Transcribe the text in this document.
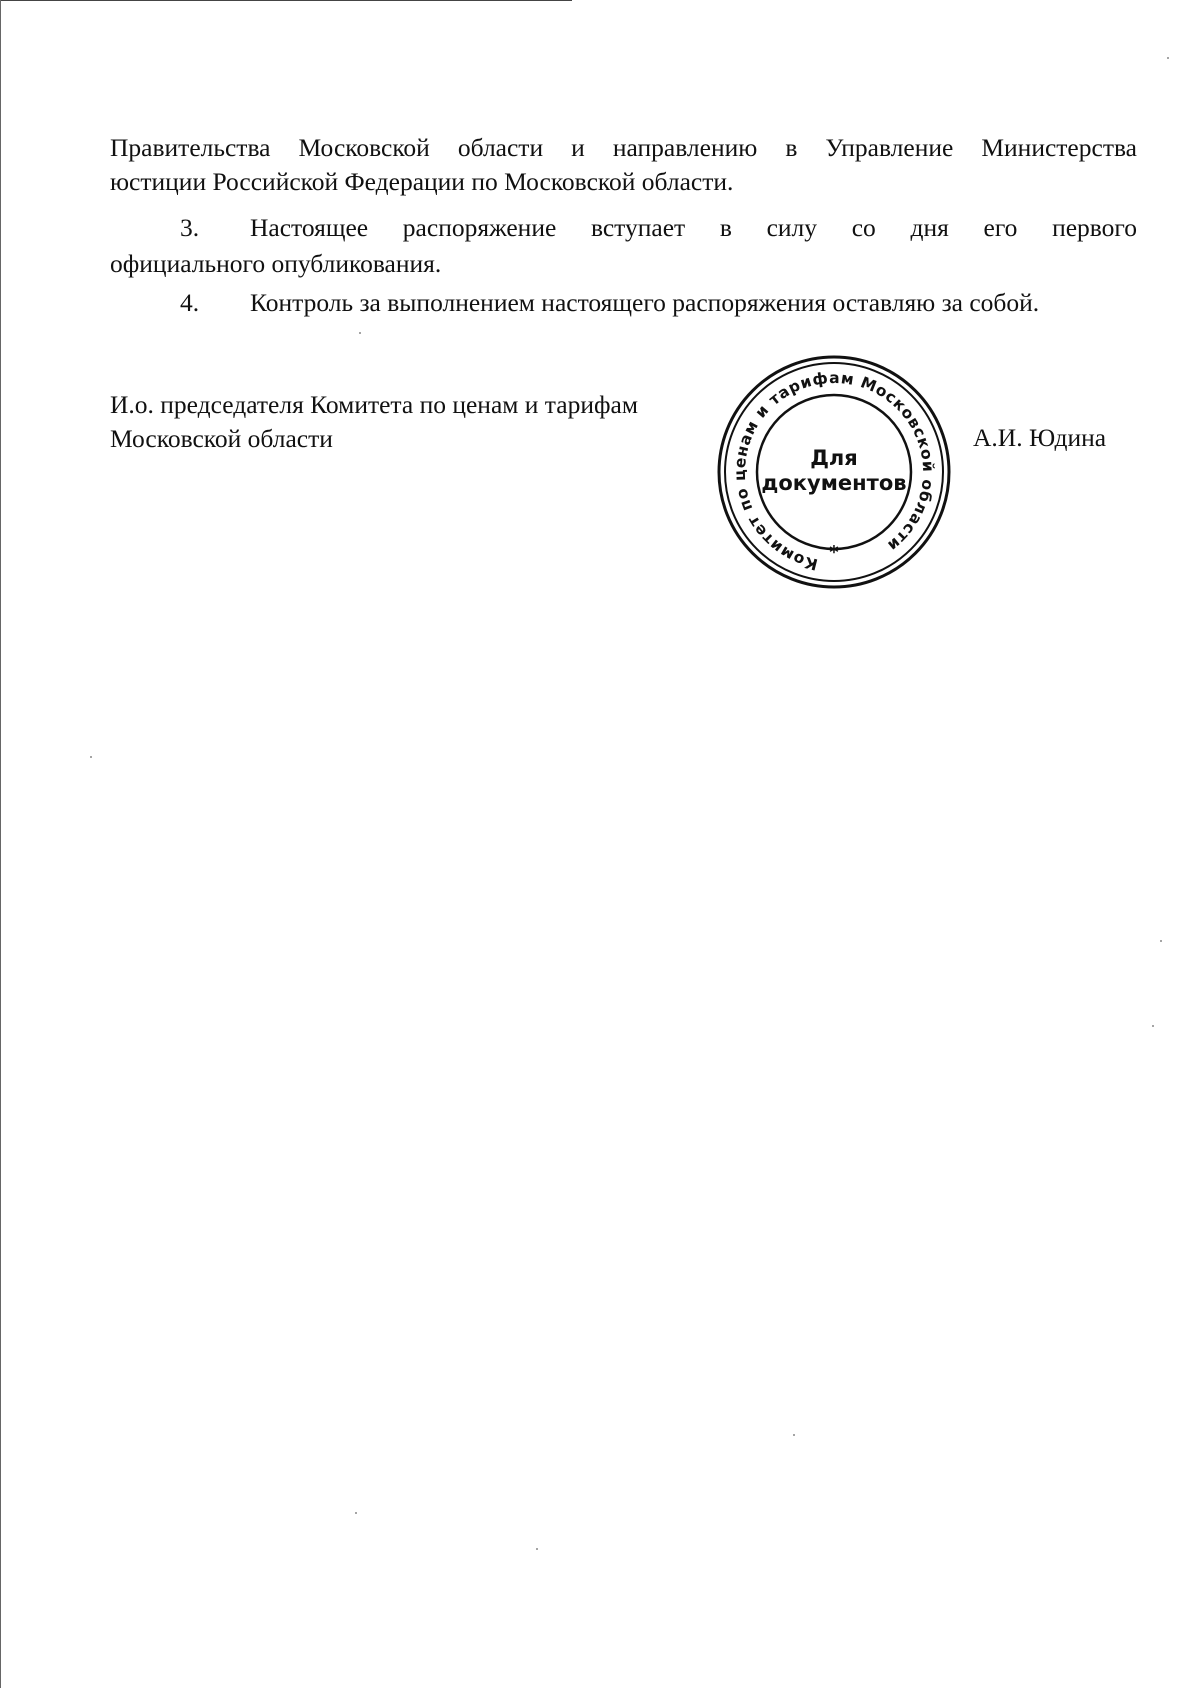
Правительства Московской области и направлению в Управление Министерства
юстиции Российской Федерации по Московской области.
3. Настоящее распоряжение вступает в силу со дня его первого
официального опубликования.
4. Контроль за выполнением настоящего распоряжения оставляю за собой.
И.о. председателя Комитета по ценам и тарифам
Московской области	А.И. Юдина
Комитет по ценам и тарифам Московской области
Для
документов
*
